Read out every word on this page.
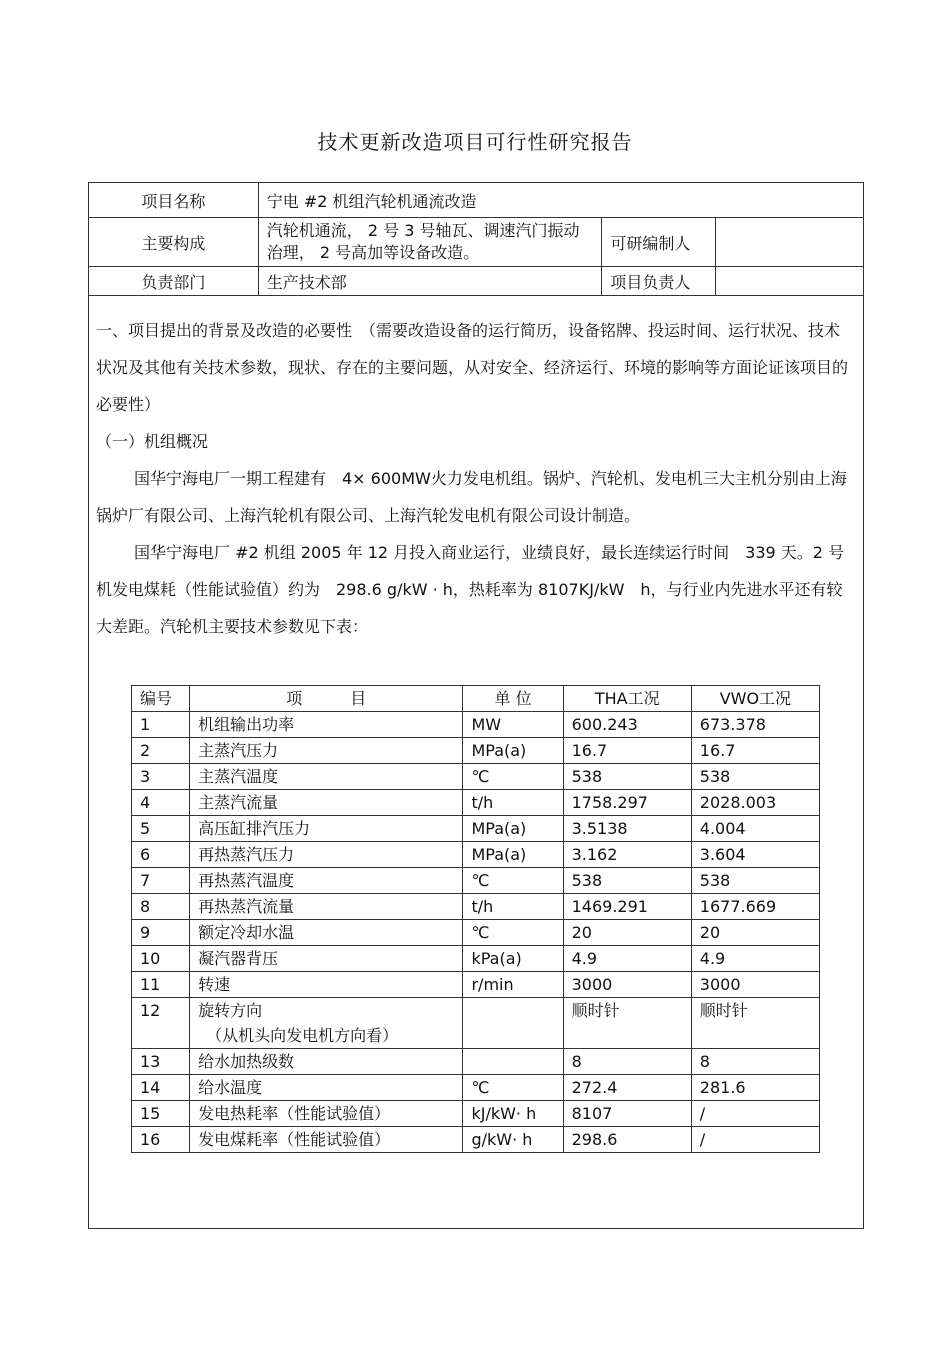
技术更新改造项目可行性研究报告
项目名称	宁电 #2 机组汽轮机通流改造		
主要构成	汽轮机通流， 2 号 3 号轴瓦、调速汽门振动治理， 2 号高加等设备改造。	可研编制人	
负责部门	生产技术部	项目负责人	

一、项目提出的背景及改造的必要性　（需要改造设备的运行简历，设备铭牌、投运时间、运行状况、技术状况及其他有关技术参数，现状、存在的主要问题，从对安全、经济运行、环境的影响等方面论证该项目的必要性）

（一）机组概况

国华宁海电厂一期工程建有　4× 600MW火力发电机组。锅炉、汽轮机、发电机三大主机分别由上海锅炉厂有限公司、上海汽轮机有限公司、上海汽轮发电机有限公司设计制造。

国华宁海电厂 #2 机组 2005 年 12 月投入商业运行，业绩良好，最长连续运行时间　339 天。2 号机发电煤耗（性能试验值）约为　298.6 g/kW · h，热耗率为 8107KJ/kW　h，与行业内先进水平还有较大差距。汽轮机主要技术参数见下表：

编号	项　　　目	单 位	THA工况	VWO工况
1	机组输出功率	MW	600.243	673.378
2	主蒸汽压力	MPa(a)	16.7	16.7
3	主蒸汽温度	℃	538	538
4	主蒸汽流量	t/h	1758.297	2028.003
5	高压缸排汽压力	MPa(a)	3.5138	4.004
6	再热蒸汽压力	MPa(a)	3.162	3.604
7	再热蒸汽温度	℃	538	538
8	再热蒸汽流量	t/h	1469.291	1677.669
9	额定冷却水温	℃	20	20
10	凝汽器背压	kPa(a)	4.9	4.9
11	转速	r/min	3000	3000
12	旋转方向
（从机头向发电机方向看）		顺时针	顺时针
13	给水加热级数		8	8
14	给水温度	℃	272.4	281.6
15	发电热耗率（性能试验值）	kJ/kW· h	8107	/
16	发电煤耗率（性能试验值）	g/kW· h	298.6	/
